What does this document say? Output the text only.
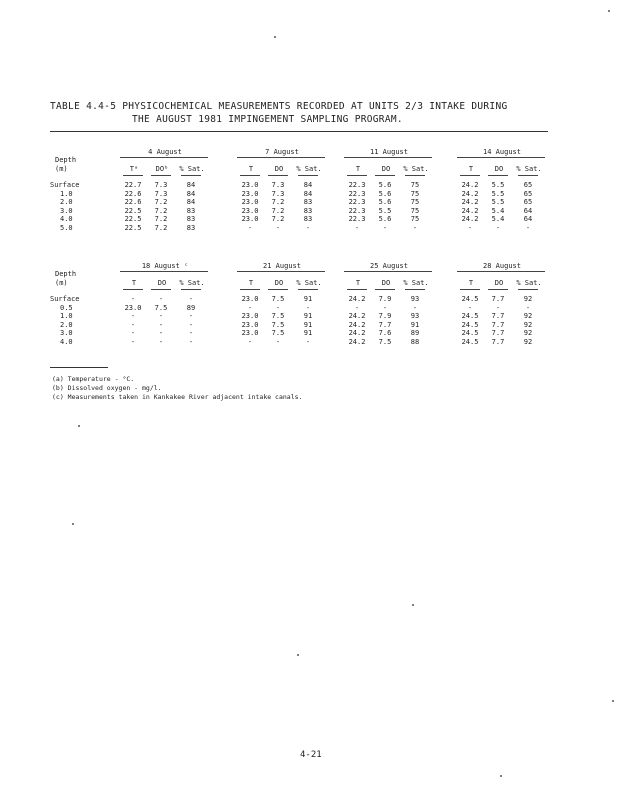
TABLE 4.4-5 PHYSICOCHEMICAL MEASUREMENTS RECORDED AT UNITS 2/3 INTAKE DURING
THE AUGUST 1981 IMPINGEMENT SAMPLING PROGRAM.
Depth
(m)
4 August
Tᵃ	DOᵇ	% Sat.
7 August
T	DO	% Sat.
11 August
T	DO	% Sat.
14 August
T	DO	% Sat.
Surface	22.7	7.3	84	23.0	7.3	84	22.3	5.6	75	24.2	5.5	65
1.0	22.6	7.3	84	23.0	7.3	84	22.3	5.6	75	24.2	5.5	65
2.0	22.6	7.2	84	23.0	7.2	83	22.3	5.6	75	24.2	5.5	65
3.0	22.5	7.2	83	23.0	7.2	83	22.3	5.5	75	24.2	5.4	64
4.0	22.5	7.2	83	23.0	7.2	83	22.3	5.6	75	24.2	5.4	64
5.0	22.5	7.2	83	-	-	-	-	-	-	-	-	-
Depth
(m)
18 August ᶜ
T	DO	% Sat.
21 August
T	DO	% Sat.
25 August
T	DO	% Sat.
28 August
T	DO	% Sat.
Surface	-	-	-	23.0	7.5	91	24.2	7.9	93	24.5	7.7	92
0.5	23.0	7.5	89	-	-	-	-	-	-	-	-	-
1.0	-	-	-	23.0	7.5	91	24.2	7.9	93	24.5	7.7	92
2.0	-	-	-	23.0	7.5	91	24.2	7.7	91	24.5	7.7	92
3.0	-	-	-	23.0	7.5	91	24.2	7.6	89	24.5	7.7	92
4.0	-	-	-	-	-	-	24.2	7.5	88	24.5	7.7	92
(a) Temperature - °C.
(b) Dissolved oxygen - mg/l.
(c) Measurements taken in Kankakee River adjacent intake canals.
4-21
